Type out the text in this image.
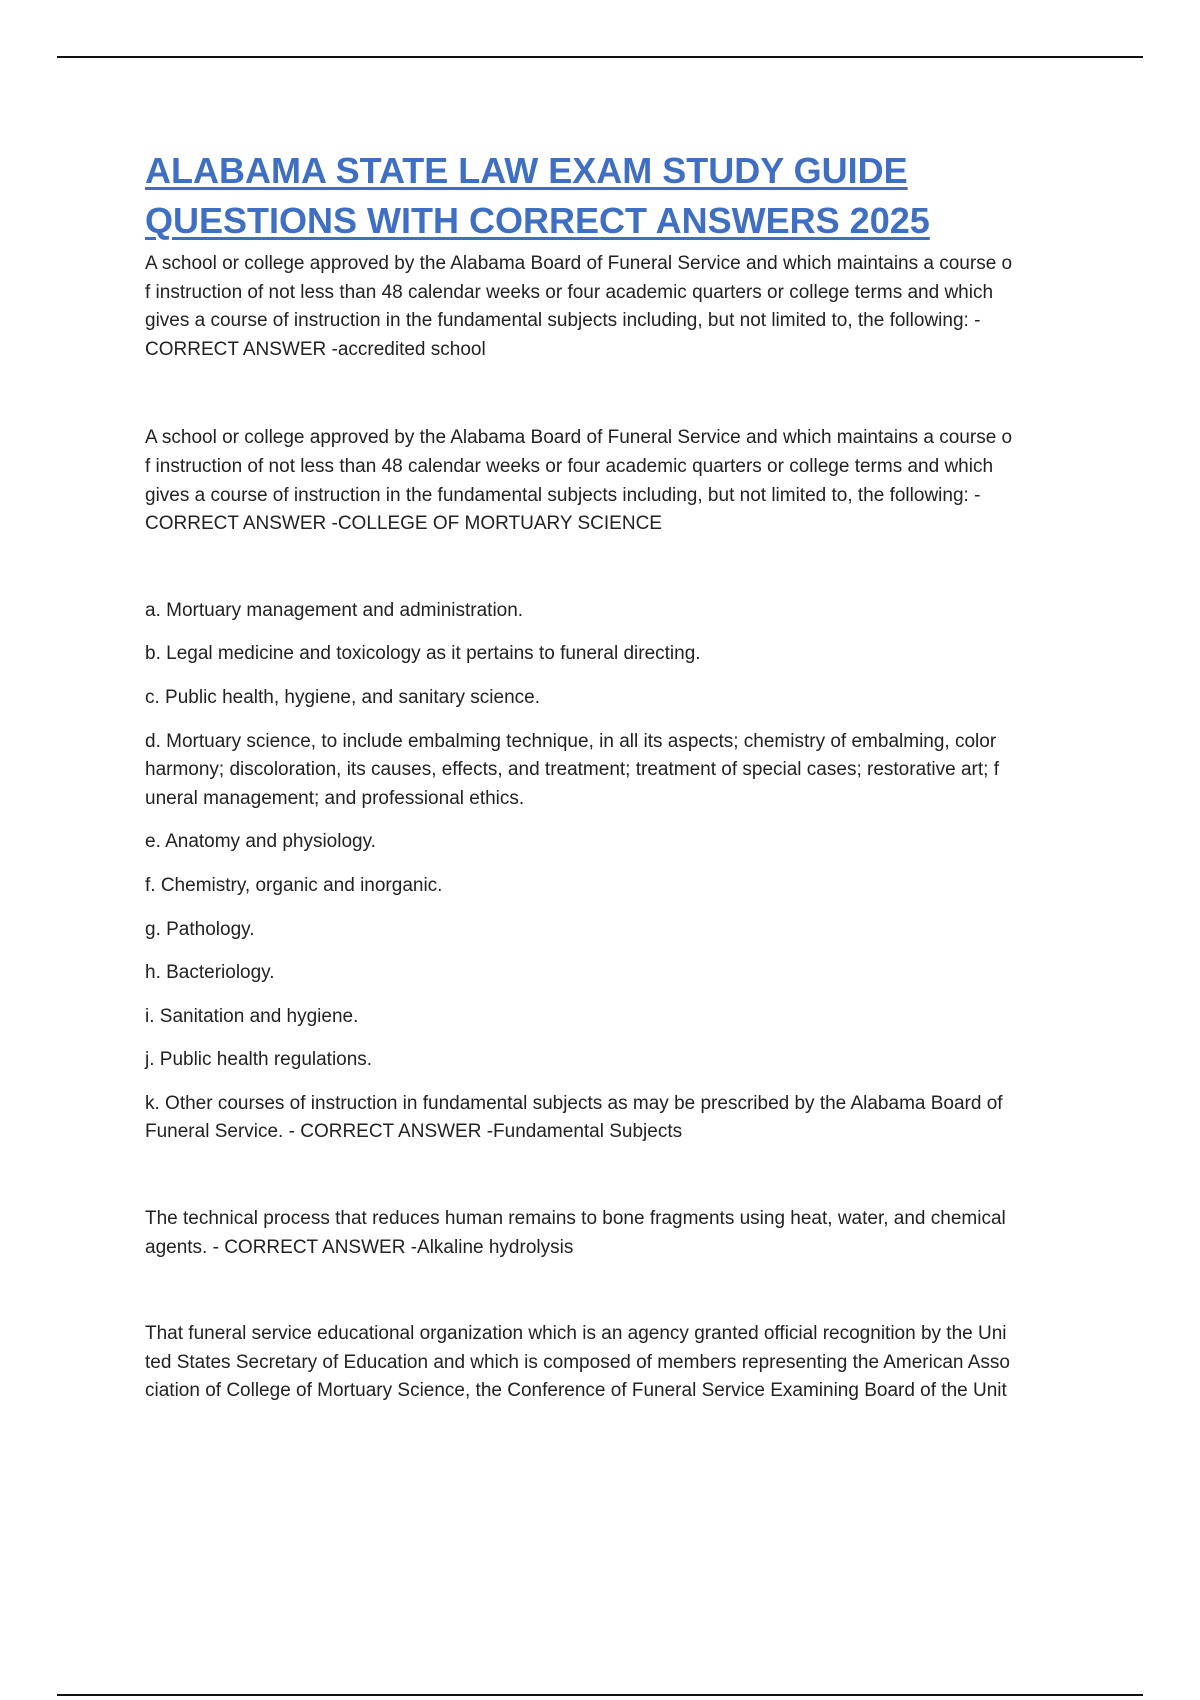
ALABAMA STATE LAW EXAM STUDY GUIDE
QUESTIONS WITH CORRECT ANSWERS 2025

A school or college approved by the Alabama Board of Funeral Service and which maintains a course o
f instruction of not less than 48 calendar weeks or four academic quarters or college terms and which
gives a course of instruction in the fundamental subjects including, but not limited to, the following: -
CORRECT ANSWER -accredited school

A school or college approved by the Alabama Board of Funeral Service and which maintains a course o
f instruction of not less than 48 calendar weeks or four academic quarters or college terms and which
gives a course of instruction in the fundamental subjects including, but not limited to, the following: -
CORRECT ANSWER -COLLEGE OF MORTUARY SCIENCE

a. Mortuary management and administration.

b. Legal medicine and toxicology as it pertains to funeral directing.

c. Public health, hygiene, and sanitary science.

d. Mortuary science, to include embalming technique, in all its aspects; chemistry of embalming, color
harmony; discoloration, its causes, effects, and treatment; treatment of special cases; restorative art; f
uneral management; and professional ethics.

e. Anatomy and physiology.

f. Chemistry, organic and inorganic.

g. Pathology.

h. Bacteriology.

i. Sanitation and hygiene.

j. Public health regulations.

k. Other courses of instruction in fundamental subjects as may be prescribed by the Alabama Board of
Funeral Service. - CORRECT ANSWER -Fundamental Subjects

The technical process that reduces human remains to bone fragments using heat, water, and chemical
agents. - CORRECT ANSWER -Alkaline hydrolysis

That funeral service educational organization which is an agency granted official recognition by the Uni
ted States Secretary of Education and which is composed of members representing the American Asso
ciation of College of Mortuary Science, the Conference of Funeral Service Examining Board of the Unit
